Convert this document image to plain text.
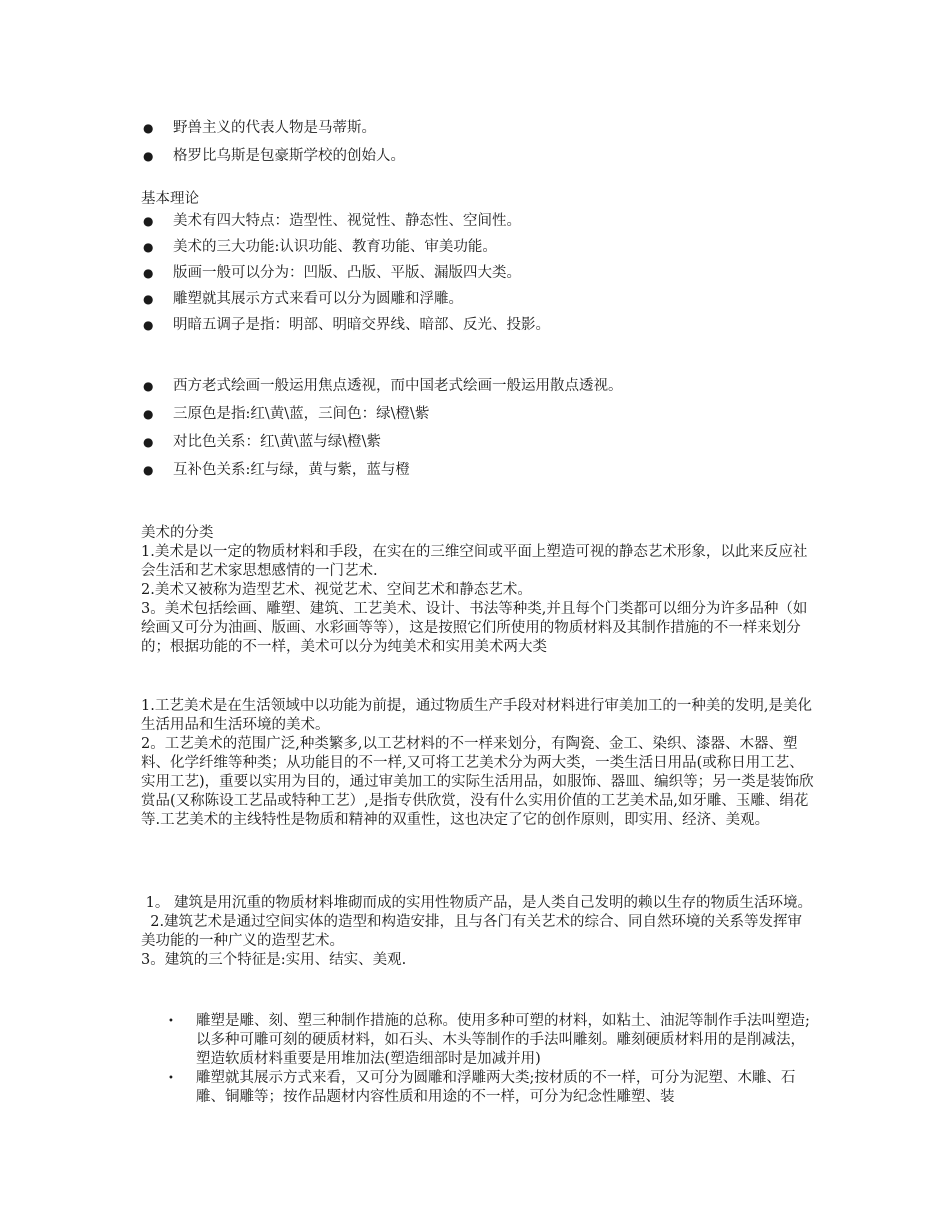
● 野兽主义的代表人物是马蒂斯。
● 格罗比乌斯是包豪斯学校的创始人。

基本理论

● 美术有四大特点：造型性、视觉性、静态性、空间性。
● 美术的三大功能:认识功能、教育功能、审美功能。
● 版画一般可以分为：凹版、凸版、平版、漏版四大类。
● 雕塑就其展示方式来看可以分为圆雕和浮雕。
● 明暗五调子是指：明部、明暗交界线、暗部、反光、投影。
● 西方老式绘画一般运用焦点透视，而中国老式绘画一般运用散点透视。
● 三原色是指:红\黄\蓝，三间色：绿\橙\紫
● 对比色关系：红\黄\蓝与绿\橙\紫
● 互补色关系:红与绿，黄与紫，蓝与橙

美术的分类

1.美术是以一定的物质材料和手段，在实在的三维空间或平面上塑造可视的静态艺术形象，以此来反应社会生活和艺术家思想感情的一门艺术.

2.美术又被称为造型艺术、视觉艺术、空间艺术和静态艺术。

3。美术包括绘画、雕塑、建筑、工艺美术、设计、书法等种类,并且每个门类都可以细分为许多品种（如绘画又可分为油画、版画、水彩画等等），这是按照它们所使用的物质材料及其制作措施的不一样来划分的；根据功能的不一样，美术可以分为纯美术和实用美术两大类

1.工艺美术是在生活领域中以功能为前提，通过物质生产手段对材料进行审美加工的一种美的发明,是美化生活用品和生活环境的美术。

2。工艺美术的范围广泛,种类繁多,以工艺材料的不一样来划分，有陶瓷、金工、染织、漆器、木器、塑料、化学纤维等种类；从功能目的不一样,又可将工艺美术分为两大类，一类生活日用品(或称日用工艺、实用工艺)，重要以实用为目的，通过审美加工的实际生活用品，如服饰、器皿、编织等；另一类是装饰欣赏品(又称陈设工艺品或特种工艺）,是指专供欣赏，没有什么实用价值的工艺美术品,如牙雕、玉雕、绢花等.工艺美术的主线特性是物质和精神的双重性，这也决定了它的创作原则，即实用、经济、美观。

1。 建筑是用沉重的物质材料堆砌而成的实用性物质产品，是人类自己发明的赖以生存的物质生活环境。

2.建筑艺术是通过空间实体的造型和构造安排，且与各门有关艺术的综合、同自然环境的关系等发挥审美功能的一种广义的造型艺术。

3。建筑的三个特征是:实用、结实、美观.

• 雕塑是雕、刻、塑三种制作措施的总称。使用多种可塑的材料，如粘土、油泥等制作手法叫塑造;以多种可雕可刻的硬质材料，如石头、木头等制作的手法叫雕刻。雕刻硬质材料用的是削减法，塑造软质材料重要是用堆加法(塑造细部时是加减并用)
• 雕塑就其展示方式来看，又可分为圆雕和浮雕两大类;按材质的不一样，可分为泥塑、木雕、石雕、铜雕等；按作品题材内容性质和用途的不一样，可分为纪念性雕塑、装
